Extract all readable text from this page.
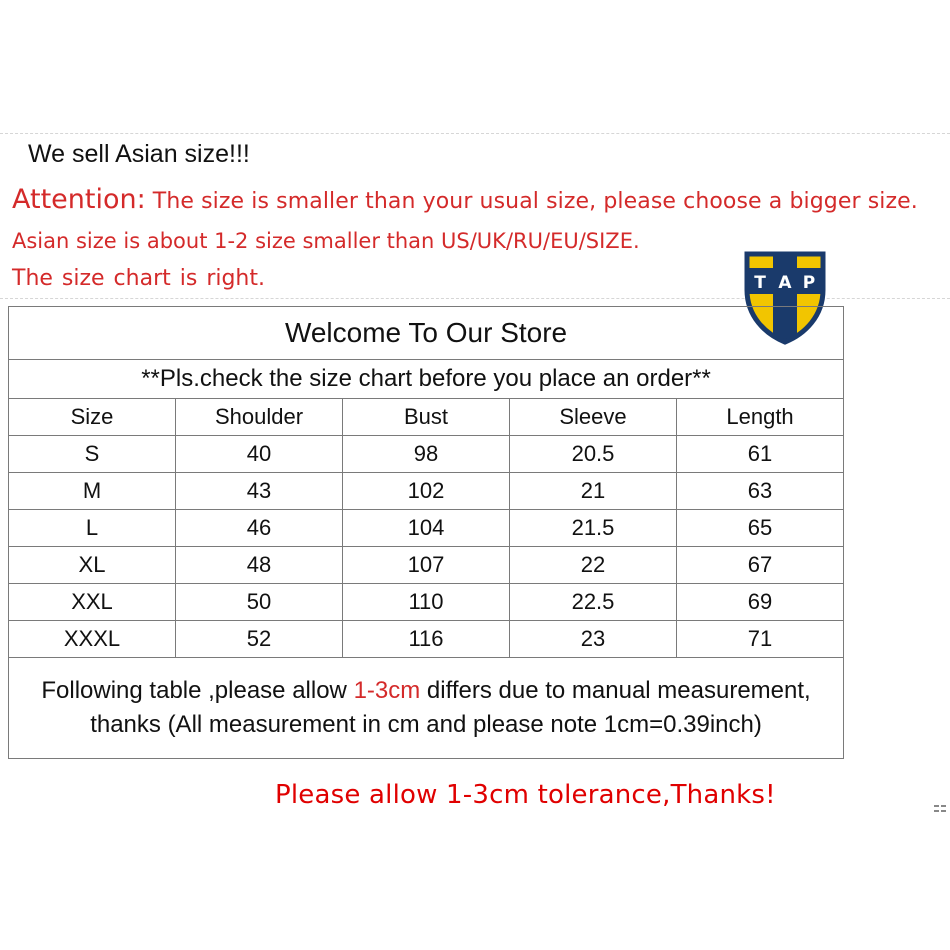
We sell Asian size!!!
Attention: The size is smaller than your usual size, please choose a bigger size.
Asian size is about 1-2 size smaller than US/UK/RU/EU/SIZE.
The size chart is right.	T A P
Welcome To Our Store				
**Pls.check the size chart before you place an order**				
Size	Shoulder	Bust	Sleeve	Length
S	40	98	20.5	61
M	43	102	21	63
L	46	104	21.5	65
XL	48	107	22	67
XXL	50	110	22.5	69
XXXL	52	116	23	71
Following table ,please allow 1-3cm differs due to manual measurement, thanks (All measurement in cm and please note 1cm=0.39inch)				
Please allow 1-3cm tolerance,Thanks!
